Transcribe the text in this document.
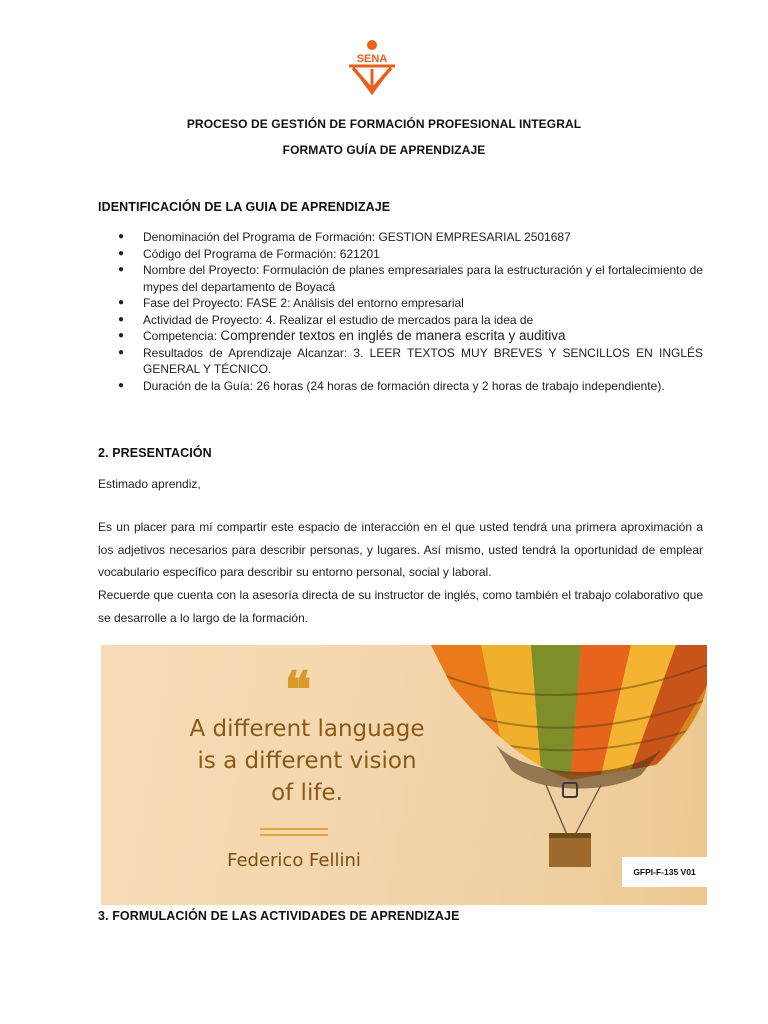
SENA
PROCESO DE GESTIÓN DE FORMACIÓN PROFESIONAL INTEGRAL
FORMATO GUÍA DE APRENDIZAJE
IDENTIFICACIÓN DE LA GUIA DE APRENDIZAJE
● Denominación del Programa de Formación: GESTION EMPRESARIAL 2501687
● Código del Programa de Formación: 621201
● Nombre del Proyecto: Formulación de planes empresariales para la estructuración y el fortalecimiento de mypes del departamento de Boyacá
● Fase del Proyecto: FASE 2: Análisis del entorno empresarial
● Actividad de Proyecto: 4. Realizar el estudio de mercados para la idea de
● Competencia: Comprender textos en inglés de manera escrita y auditiva
● Resultados de Aprendizaje Alcanzar: 3. LEER TEXTOS MUY BREVES Y SENCILLOS EN INGLÉS GENERAL Y TÉCNICO.
● Duración de la Guía: 26 horas (24 horas de formación directa y 2 horas de trabajo independiente).
2. PRESENTACIÓN
Estimado aprendiz,
Es un placer para mí compartir este espacio de interacción en el que usted tendrá una primera aproximación a los adjetivos necesarios para describir personas, y lugares. Así mismo, usted tendrá la oportunidad de emplear vocabulario específico para describir su entorno personal, social y laboral.
Recuerde que cuenta con la asesoría directa de su instructor de inglés, como también el trabajo colaborativo que se desarrolle a lo largo de la formación.
❝
A different language
is a different vision
of life.
Federico Fellini
GFPI-F-135 V01
3. FORMULACIÓN DE LAS ACTIVIDADES DE APRENDIZAJE
